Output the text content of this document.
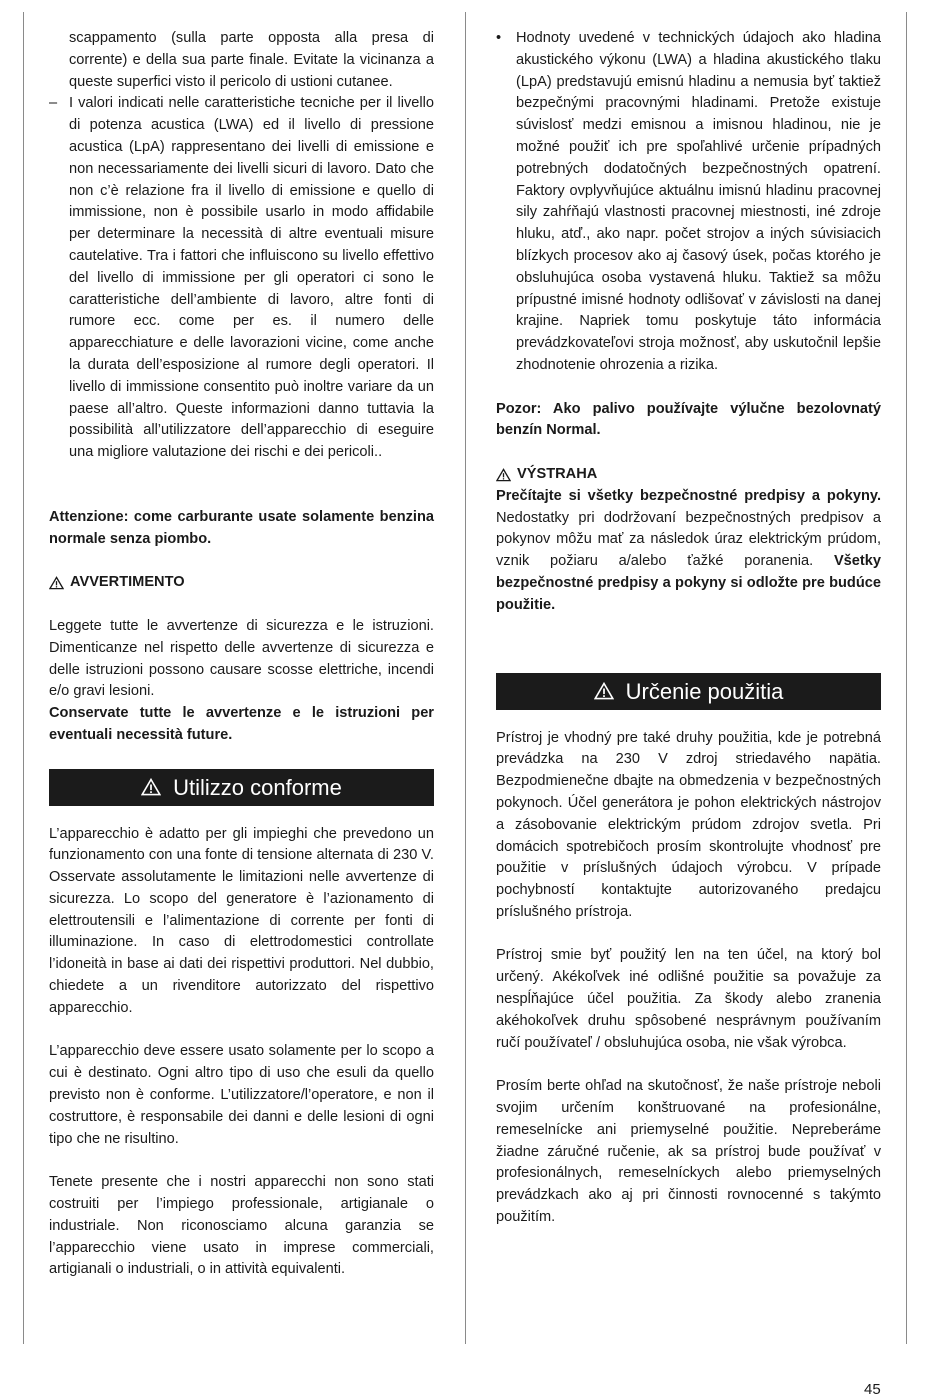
scappamento (sulla parte opposta alla presa di corrente) e della sua parte finale. Evitate la vicinanza a queste superfici visto il pericolo di ustioni cutanee.

– I valori indicati nelle caratteristiche tecniche per il livello di potenza acustica (LWA) ed il livello di pressione acustica (LpA) rappresentano dei livelli di emissione e non necessariamente dei livelli sicuri di lavoro. Dato che non c’è relazione fra il livello di emissione e quello di immissione, non è possibile usarlo in modo affidabile per determinare la necessità di altre eventuali misure cautelative. Tra i fattori che influiscono su livello effettivo del livello di immissione per gli operatori ci sono le caratteristiche dell’ambiente di lavoro, altre fonti di rumore ecc. come per es. il numero delle apparecchiature e delle lavorazioni vicine, come anche la durata dell’esposizione al rumore degli operatori. Il livello di immissione consentito può inoltre variare da un paese all’altro. Queste informazioni danno tuttavia la possibilità all’utilizzatore dell’apparecchio di eseguire una migliore valutazione dei rischi e dei pericoli..

Attenzione: come carburante usate solamente benzina normale senza piombo.

AVVERTIMENTO

Leggete tutte le avvertenze di sicurezza e le istruzioni. Dimenticanze nel rispetto delle avvertenze di sicurezza e delle istruzioni possono causare scosse elettriche, incendi e/o gravi lesioni.

Conservate tutte le avvertenze e le istruzioni per eventuali necessità future.

Utilizzo conforme

L’apparecchio è adatto per gli impieghi che prevedono un funzionamento con una fonte di tensione alternata di 230 V. Osservate assolutamente le limitazioni nelle avvertenze di sicurezza. Lo scopo del generatore è l’azionamento di elettroutensili e l’alimentazione di corrente per fonti di illuminazione. In caso di elettrodomestici controllate l’idoneità in base ai dati dei rispettivi produttori. Nel dubbio, chiedete a un rivenditore autorizzato del rispettivo apparecchio.

L’apparecchio deve essere usato solamente per lo scopo a cui è destinato. Ogni altro tipo di uso che esuli da quello previsto non è conforme. L’utilizzatore/l’operatore, e non il costruttore, è responsabile dei danni e delle lesioni di ogni tipo che ne risultino.

Tenete presente che i nostri apparecchi non sono stati costruiti per l’impiego professionale, artigianale o industriale. Non riconosciamo alcuna garanzia se l’apparecchio viene usato in imprese commerciali, artigianali o industriali, o in attività equivalenti.

• Hodnoty uvedené v technických údajoch ako hladina akustického výkonu (LWA) a hladina akustického tlaku (LpA) predstavujú emisnú hladinu a nemusia byť taktiež bezpečnými pracovnými hladinami. Pretože existuje súvislosť medzi emisnou a imisnou hladinou, nie je možné použiť ich pre spoľahlivé určenie prípadných potrebných dodatočných bezpečnostných opatrení. Faktory ovplyvňujúce aktuálnu imisnú hladinu pracovnej sily zahŕňajú vlastnosti pracovnej miestnosti, iné zdroje hluku, atď., ako napr. počet strojov a iných súvisiacich blízkych procesov ako aj časový úsek, počas ktorého je obsluhujúca osoba vystavená hluku. Taktiež sa môžu prípustné imisné hodnoty odlišovať v závislosti na danej krajine. Napriek tomu poskytuje táto informácia prevádzkovateľovi stroja možnosť, aby uskutočnil lepšie zhodnotenie ohrozenia a rizika.

Pozor: Ako palivo používajte výlučne bezolovnatý benzín Normal.

VÝSTRAHA

Prečítajte si všetky bezpečnostné predpisy a pokyny. Nedostatky pri dodržovaní bezpečnostných predpisov a pokynov môžu mať za následok úraz elektrickým prúdom, vznik požiaru a/alebo ťažké poranenia. Všetky bezpečnostné predpisy a pokyny si odložte pre budúce použitie.

Určenie použitia

Prístroj je vhodný pre také druhy použitia, kde je potrebná prevádzka na 230 V zdroj striedavého napätia. Bezpodmienečne dbajte na obmedzenia v bezpečnostných pokynoch. Účel generátora je pohon elektrických nástrojov a zásobovanie elektrickým prúdom zdrojov svetla. Pri domácich spotrebičoch prosím skontrolujte vhodnosť pre použitie v príslušných údajoch výrobcu. V prípade pochybností kontaktujte autorizovaného predajcu príslušného prístroja.

Prístroj smie byť použitý len na ten účel, na ktorý bol určený. Akékoľvek iné odlišné použitie sa považuje za nespĺňajúce účel použitia. Za škody alebo zranenia akéhokoľvek druhu spôsobené nesprávnym používaním ručí používateľ / obsluhujúca osoba, nie však výrobca.

Prosím berte ohľad na skutočnosť, že naše prístroje neboli svojim určením konštruované na profesionálne, remeselnícke ani priemyselné použitie. Nepreberáme žiadne záručné ručenie, ak sa prístroj bude používať v profesionálnych, remeselníckych alebo priemyselných prevádzkach ako aj pri činnosti rovnocenné s takýmto použitím.

45
